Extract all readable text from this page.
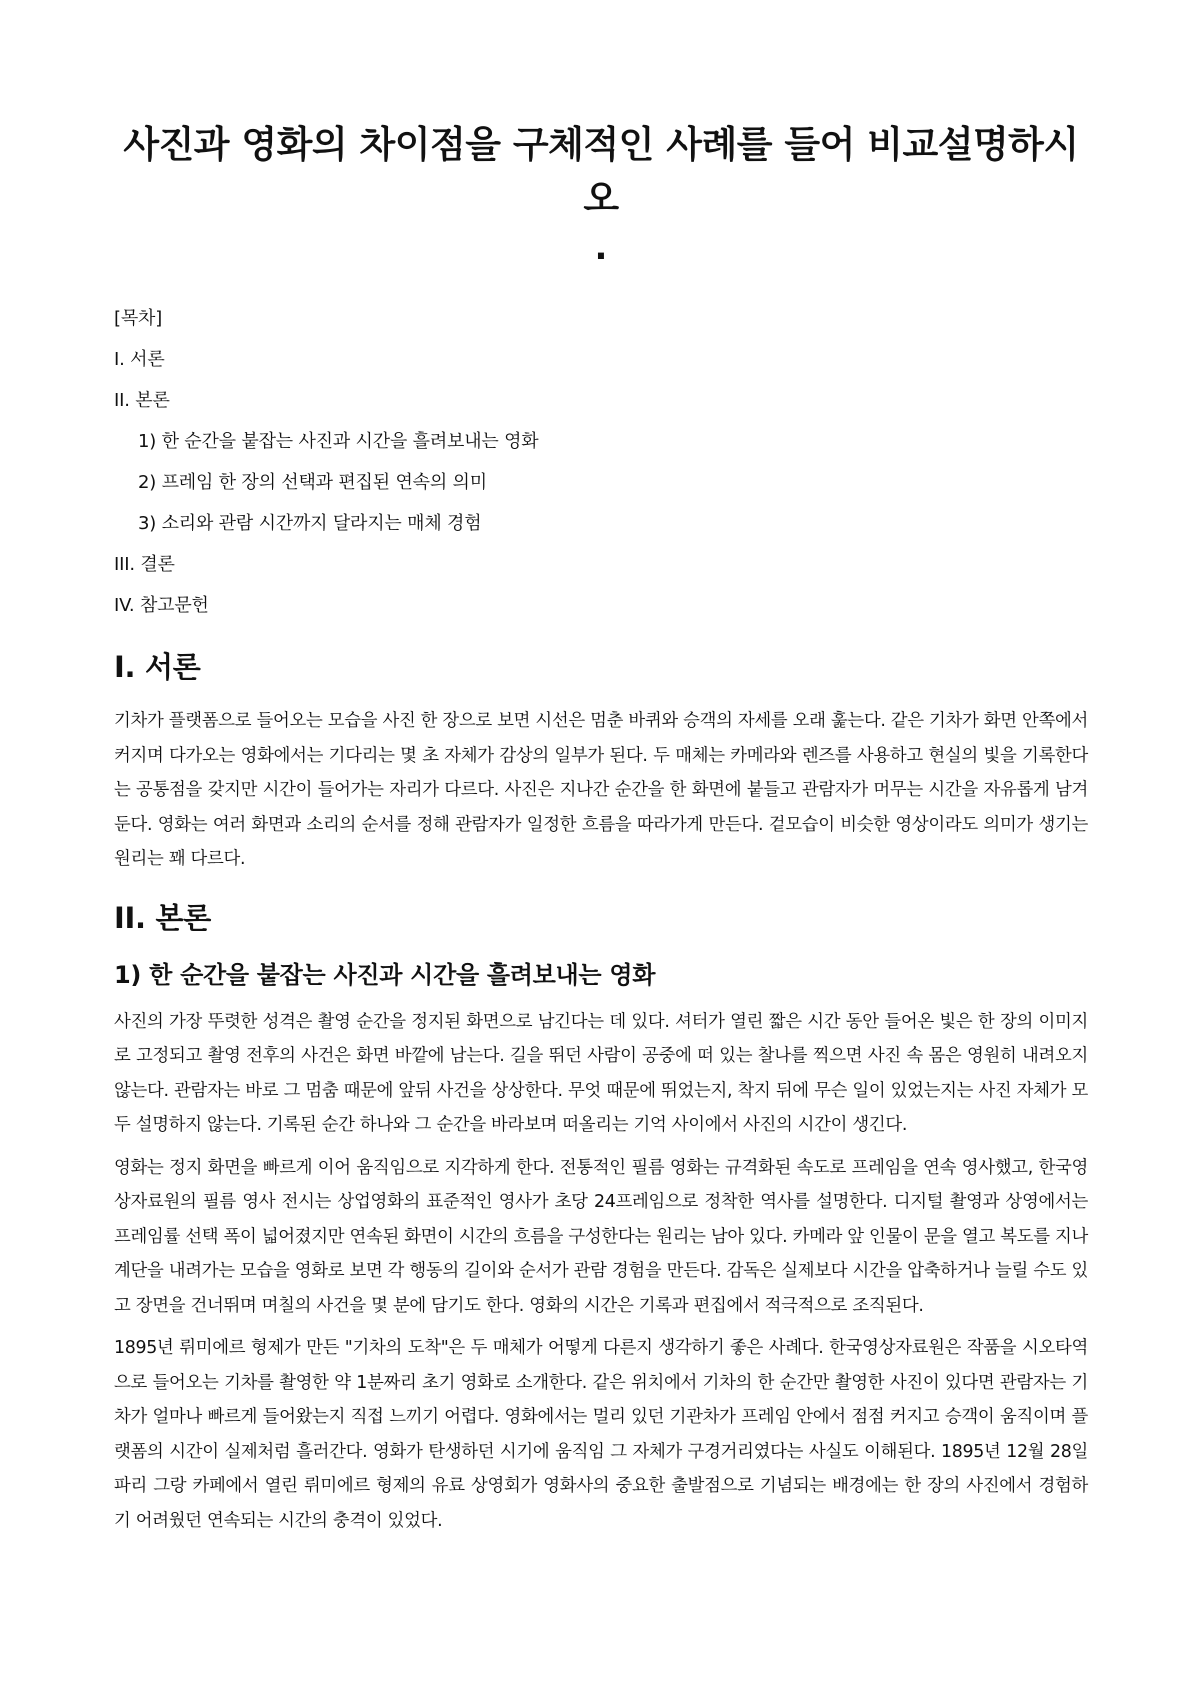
사진과 영화의 차이점을 구체적인 사례를 들어 비교설명하시오

.

[목차]

I. 서론

II. 본론

1) 한 순간을 붙잡는 사진과 시간을 흘려보내는 영화

2) 프레임 한 장의 선택과 편집된 연속의 의미

3) 소리와 관람 시간까지 달라지는 매체 경험

III. 결론

IV. 참고문헌

I. 서론

기차가 플랫폼으로 들어오는 모습을 사진 한 장으로 보면 시선은 멈춘 바퀴와 승객의 자세를 오래 훑는다. 같은 기차가 화면 안쪽에서 커지며 다가오는 영화에서는 기다리는 몇 초 자체가 감상의 일부가 된다. 두 매체는 카메라와 렌즈를 사용하고 현실의 빛을 기록한다는 공통점을 갖지만 시간이 들어가는 자리가 다르다. 사진은 지나간 순간을 한 화면에 붙들고 관람자가 머무는 시간을 자유롭게 남겨 둔다. 영화는 여러 화면과 소리의 순서를 정해 관람자가 일정한 흐름을 따라가게 만든다. 겉모습이 비슷한 영상이라도 의미가 생기는 원리는 꽤 다르다.

II. 본론
1) 한 순간을 붙잡는 사진과 시간을 흘려보내는 영화

사진의 가장 뚜렷한 성격은 촬영 순간을 정지된 화면으로 남긴다는 데 있다. 셔터가 열린 짧은 시간 동안 들어온 빛은 한 장의 이미지로 고정되고 촬영 전후의 사건은 화면 바깥에 남는다. 길을 뛰던 사람이 공중에 떠 있는 찰나를 찍으면 사진 속 몸은 영원히 내려오지 않는다. 관람자는 바로 그 멈춤 때문에 앞뒤 사건을 상상한다. 무엇 때문에 뛰었는지, 착지 뒤에 무슨 일이 있었는지는 사진 자체가 모두 설명하지 않는다. 기록된 순간 하나와 그 순간을 바라보며 떠올리는 기억 사이에서 사진의 시간이 생긴다.

영화는 정지 화면을 빠르게 이어 움직임으로 지각하게 한다. 전통적인 필름 영화는 규격화된 속도로 프레임을 연속 영사했고, 한국영상자료원의 필름 영사 전시는 상업영화의 표준적인 영사가 초당 24프레임으로 정착한 역사를 설명한다. 디지털 촬영과 상영에서는 프레임률 선택 폭이 넓어졌지만 연속된 화면이 시간의 흐름을 구성한다는 원리는 남아 있다. 카메라 앞 인물이 문을 열고 복도를 지나 계단을 내려가는 모습을 영화로 보면 각 행동의 길이와 순서가 관람 경험을 만든다. 감독은 실제보다 시간을 압축하거나 늘릴 수도 있고 장면을 건너뛰며 며칠의 사건을 몇 분에 담기도 한다. 영화의 시간은 기록과 편집에서 적극적으로 조직된다.

1895년 뤼미에르 형제가 만든 "기차의 도착"은 두 매체가 어떻게 다른지 생각하기 좋은 사례다. 한국영상자료원은 작품을 시오타역으로 들어오는 기차를 촬영한 약 1분짜리 초기 영화로 소개한다. 같은 위치에서 기차의 한 순간만 촬영한 사진이 있다면 관람자는 기차가 얼마나 빠르게 들어왔는지 직접 느끼기 어렵다. 영화에서는 멀리 있던 기관차가 프레임 안에서 점점 커지고 승객이 움직이며 플랫폼의 시간이 실제처럼 흘러간다. 영화가 탄생하던 시기에 움직임 그 자체가 구경거리였다는 사실도 이해된다. 1895년 12월 28일 파리 그랑 카페에서 열린 뤼미에르 형제의 유료 상영회가 영화사의 중요한 출발점으로 기념되는 배경에는 한 장의 사진에서 경험하기 어려웠던 연속되는 시간의 충격이 있었다.
